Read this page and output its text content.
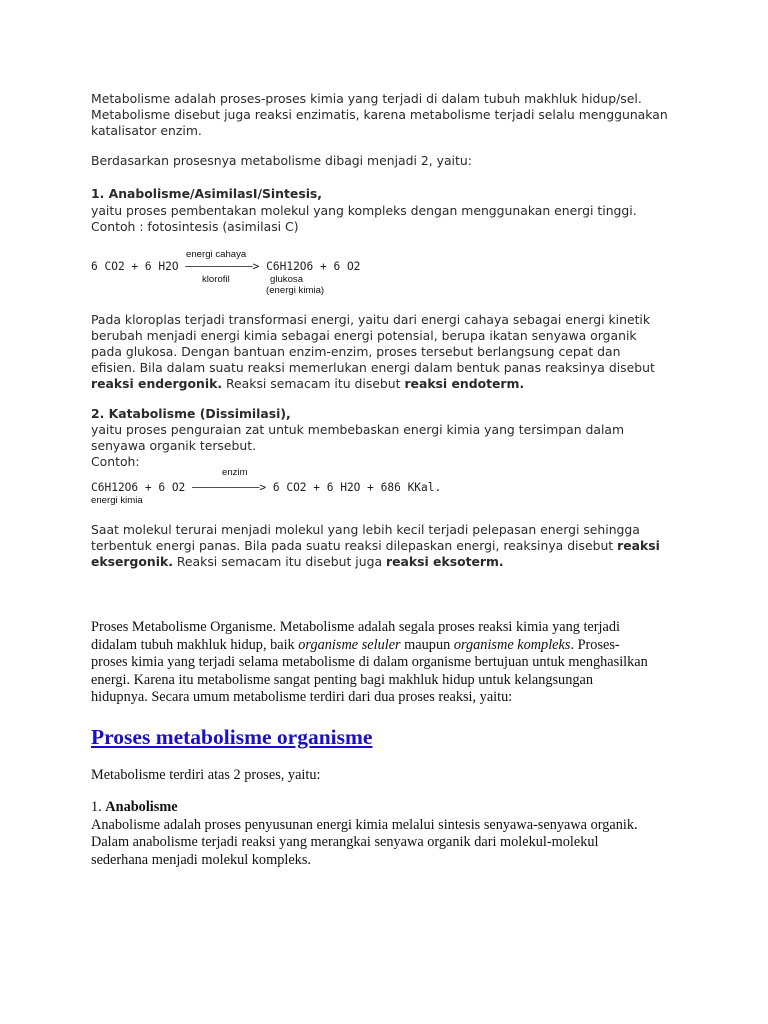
Metabolisme adalah proses-proses kimia yang terjadi di dalam tubuh makhluk hidup/sel.
Metabolisme disebut juga reaksi enzimatis, karena metabolisme terjadi selalu menggunakan
katalisator enzim.
Berdasarkan prosesnya metabolisme dibagi menjadi 2, yaitu:
1. Anabolisme/AsimilasI/Sintesis,
yaitu proses pembentakan molekul yang kompleks dengan menggunakan energi tinggi.
Contoh : fotosintesis (asimilasi C)
energi cahaya
6 CO2 + 6 H2O ——————————> C6H12O6 + 6 O2
klorofil	glukosa
(energi kimia)
Pada kloroplas terjadi transformasi energi, yaitu dari energi cahaya sebagai energi kinetik
berubah menjadi energi kimia sebagai energi potensial, berupa ikatan senyawa organik
pada glukosa. Dengan bantuan enzim-enzim, proses tersebut berlangsung cepat dan
efisien. Bila dalam suatu reaksi memerlukan energi dalam bentuk panas reaksinya disebut
reaksi endergonik. Reaksi semacam itu disebut reaksi endoterm.
2. Katabolisme (Dissimilasi),
yaitu proses penguraian zat untuk membebaskan energi kimia yang tersimpan dalam
senyawa organik tersebut.
Contoh:
enzim
C6H12O6 + 6 O2 ——————————> 6 CO2 + 6 H2O + 686 KKal.
energi kimia
Saat molekul terurai menjadi molekul yang lebih kecil terjadi pelepasan energi sehingga
terbentuk energi panas. Bila pada suatu reaksi dilepaskan energi, reaksinya disebut reaksi
eksergonik. Reaksi semacam itu disebut juga reaksi eksoterm.
Proses Metabolisme Organisme. Metabolisme adalah segala proses reaksi kimia yang terjadi
didalam tubuh makhluk hidup, baik organisme seluler maupun organisme kompleks. Proses-
proses kimia yang terjadi selama metabolisme di dalam organisme bertujuan untuk menghasilkan
energi. Karena itu metabolisme sangat penting bagi makhluk hidup untuk kelangsungan
hidupnya. Secara umum metabolisme terdiri dari dua proses reaksi, yaitu:
Proses metabolisme organisme
Metabolisme terdiri atas 2 proses, yaitu:
1. Anabolisme
Anabolisme adalah proses penyusunan energi kimia melalui sintesis senyawa-senyawa organik.
Dalam anabolisme terjadi reaksi yang merangkai senyawa organik dari molekul-molekul
sederhana menjadi molekul kompleks.
